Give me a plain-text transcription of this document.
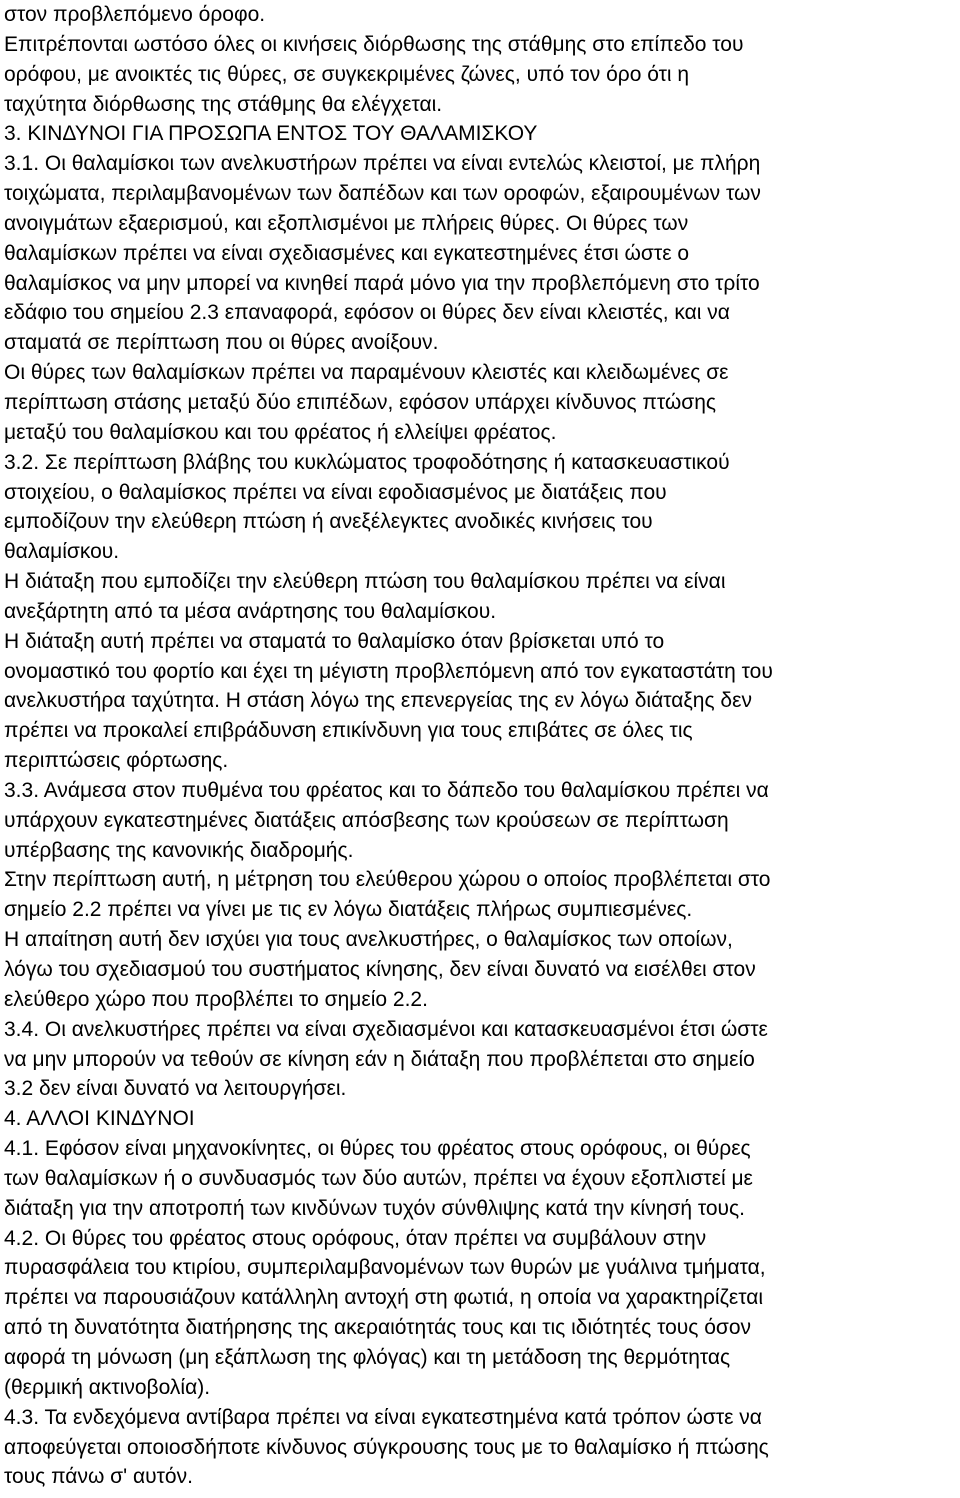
στον προβλεπόμενο όροφο.
Επιτρέπονται ωστόσο όλες οι κινήσεις διόρθωσης της στάθμης στο επίπεδο του
ορόφου, με ανοικτές τις θύρες, σε συγκεκριμένες ζώνες, υπό τον όρο ότι η
ταχύτητα διόρθωσης της στάθμης θα ελέγχεται.
3. ΚΙΝΔΥΝΟΙ ΓΙΑ ΠΡΟΣΩΠΑ ΕΝΤΟΣ ΤΟΥ ΘΑΛΑΜΙΣΚΟΥ
3.1. Οι θαλαμίσκοι των ανελκυστήρων πρέπει να είναι εντελώς κλειστοί, με πλήρη
τοιχώματα, περιλαμβανομένων των δαπέδων και των οροφών, εξαιρουμένων των
ανοιγμάτων εξαερισμού, και εξοπλισμένοι με πλήρεις θύρες. Οι θύρες των
θαλαμίσκων πρέπει να είναι σχεδιασμένες και εγκατεστημένες έτσι ώστε ο
θαλαμίσκος να μην μπορεί να κινηθεί παρά μόνο για την προβλεπόμενη στο τρίτο
εδάφιο του σημείου 2.3 επαναφορά, εφόσον οι θύρες δεν είναι κλειστές, και να
σταματά σε περίπτωση που οι θύρες ανοίξουν.
Οι θύρες των θαλαμίσκων πρέπει να παραμένουν κλειστές και κλειδωμένες σε
περίπτωση στάσης μεταξύ δύο επιπέδων, εφόσον υπάρχει κίνδυνος πτώσης
μεταξύ του θαλαμίσκου και του φρέατος ή ελλείψει φρέατος.
3.2. Σε περίπτωση βλάβης του κυκλώματος τροφοδότησης ή κατασκευαστικού
στοιχείου, ο θαλαμίσκος πρέπει να είναι εφοδιασμένος με διατάξεις που
εμποδίζουν την ελεύθερη πτώση ή ανεξέλεγκτες ανοδικές κινήσεις του
θαλαμίσκου.
Η διάταξη που εμποδίζει την ελεύθερη πτώση του θαλαμίσκου πρέπει να είναι
ανεξάρτητη από τα μέσα ανάρτησης του θαλαμίσκου.
Η διάταξη αυτή πρέπει να σταματά το θαλαμίσκο όταν βρίσκεται υπό το
ονομαστικό του φορτίο και έχει τη μέγιστη προβλεπόμενη από τον εγκαταστάτη του
ανελκυστήρα ταχύτητα. Η στάση λόγω της επενεργείας της εν λόγω διάταξης δεν
πρέπει να προκαλεί επιβράδυνση επικίνδυνη για τους επιβάτες σε όλες τις
περιπτώσεις φόρτωσης.
3.3. Ανάμεσα στον πυθμένα του φρέατος και το δάπεδο του θαλαμίσκου πρέπει να
υπάρχουν εγκατεστημένες διατάξεις απόσβεσης των κρούσεων σε περίπτωση
υπέρβασης της κανονικής διαδρομής.
Στην περίπτωση αυτή, η μέτρηση του ελεύθερου χώρου ο οποίος προβλέπεται στο
σημείο 2.2 πρέπει να γίνει με τις εν λόγω διατάξεις πλήρως συμπιεσμένες.
Η απαίτηση αυτή δεν ισχύει για τους ανελκυστήρες, ο θαλαμίσκος των οποίων,
λόγω του σχεδιασμού του συστήματος κίνησης, δεν είναι δυνατό να εισέλθει στον
ελεύθερο χώρο που προβλέπει το σημείο 2.2.
3.4. Οι ανελκυστήρες πρέπει να είναι σχεδιασμένοι και κατασκευασμένοι έτσι ώστε
να μην μπορούν να τεθούν σε κίνηση εάν η διάταξη που προβλέπεται στο σημείο
3.2 δεν είναι δυνατό να λειτουργήσει.
4. ΑΛΛΟΙ ΚΙΝΔΥΝΟΙ
4.1. Εφόσον είναι μηχανοκίνητες, οι θύρες του φρέατος στους ορόφους, οι θύρες
των θαλαμίσκων ή ο συνδυασμός των δύο αυτών, πρέπει να έχουν εξοπλιστεί με
διάταξη για την αποτροπή των κινδύνων τυχόν σύνθλιψης κατά την κίνησή τους.
4.2. Οι θύρες του φρέατος στους ορόφους, όταν πρέπει να συμβάλουν στην
πυρασφάλεια του κτιρίου, συμπεριλαμβανομένων των θυρών με γυάλινα τμήματα,
πρέπει να παρουσιάζουν κατάλληλη αντοχή στη φωτιά, η οποία να χαρακτηρίζεται
από τη δυνατότητα διατήρησης της ακεραιότητάς τους και τις ιδιότητές τους όσον
αφορά τη μόνωση (μη εξάπλωση της φλόγας) και τη μετάδοση της θερμότητας
(θερμική ακτινοβολία).
4.3. Τα ενδεχόμενα αντίβαρα πρέπει να είναι εγκατεστημένα κατά τρόπον ώστε να
αποφεύγεται οποιοσδήποτε κίνδυνος σύγκρουσης τους με το θαλαμίσκο ή πτώσης
τους πάνω σ' αυτόν.
